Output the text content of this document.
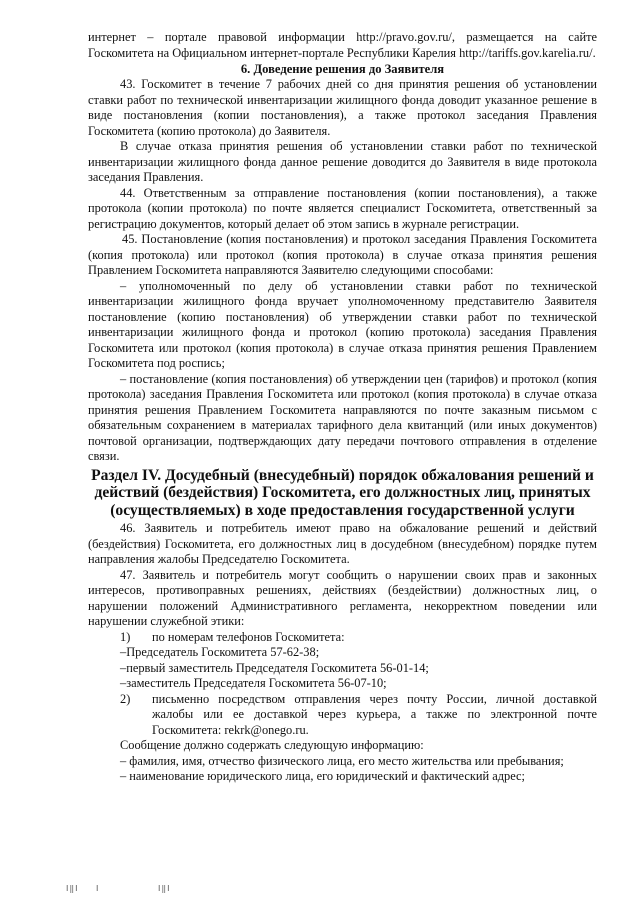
интернет – портале правовой информации http://pravo.gov.ru/, размещается на сайте Госкомитета на Официальном интернет-портале Республики Карелия http://tariffs.gov.karelia.ru/.

6. Доведение решения до Заявителя

43. Госкомитет в течение 7 рабочих дней со дня принятия решения об установлении ставки работ по технической инвентаризации жилищного фонда доводит указанное решение в виде постановления (копии постановления), а также протокол заседания Правления Госкомитета (копию протокола) до Заявителя.

В случае отказа принятия решения об установлении ставки работ по технической инвентаризации жилищного фонда данное решение доводится до Заявителя в виде протокола заседания Правления.

44. Ответственным за отправление постановления (копии постановления), а также протокола (копии протокола) по почте является специалист Госкомитета, ответственный за регистрацию документов, который делает об этом запись в журнале регистрации.

45. Постановление (копия постановления) и протокол заседания Правления Госкомитета (копия протокола) или протокол (копия протокола) в случае отказа принятия решения Правлением Госкомитета направляются Заявителю следующими способами:

– уполномоченный по делу об установлении ставки работ по технической инвентаризации жилищного фонда вручает уполномоченному представителю Заявителя постановление (копию постановления) об утверждении ставки работ по технической инвентаризации жилищного фонда и протокол (копию протокола) заседания Правления Госкомитета или протокол (копия протокола) в случае отказа принятия решения Правлением Госкомитета под роспись;

– постановление (копия постановления) об утверждении цен (тарифов) и протокол (копия протокола) заседания Правления Госкомитета или протокол (копия протокола) в случае отказа принятия решения Правлением Госкомитета направляются по почте заказным письмом с обязательным сохранением в материалах тарифного дела квитанций (или иных документов) почтовой организации, подтверждающих дату передачи почтового отправления в отделение связи.

Раздел IV. Досудебный (внесудебный) порядок обжалования решений и действий (бездействия) Госкомитета, его должностных лиц, принятых (осуществляемых) в ходе предоставления государственной услуги

46. Заявитель и потребитель имеют право на обжалование решений и действий (бездействия) Госкомитета, его должностных лиц в досудебном (внесудебном) порядке путем направления жалобы Председателю Госкомитета.

47. Заявитель и потребитель могут сообщить о нарушении своих прав и законных интересов, противоправных решениях, действиях (бездействии) должностных лиц, о нарушении положений Административного регламента, некорректном поведении или нарушении служебной этики:

1)	по номерам телефонов Госкомитета:

–Председатель Госкомитета 57-62-38;

–первый заместитель Председателя Госкомитета 56-01-14;

–заместитель Председателя Госкомитета 56-07-10;

2)	письменно посредством отправления через почту России, личной доставкой жалобы или ее доставкой через курьера, а также по электронной почте Госкомитета: rekrk@onego.ru.

Сообщение должно содержать следующую информацию:

– фамилия, имя, отчество физического лица, его место жительства или пребывания;

– наименование юридического лица, его юридический и фактический адрес;

Ⅰ‖Ⅰ   Ⅰ	Ⅰ‖Ⅰ
